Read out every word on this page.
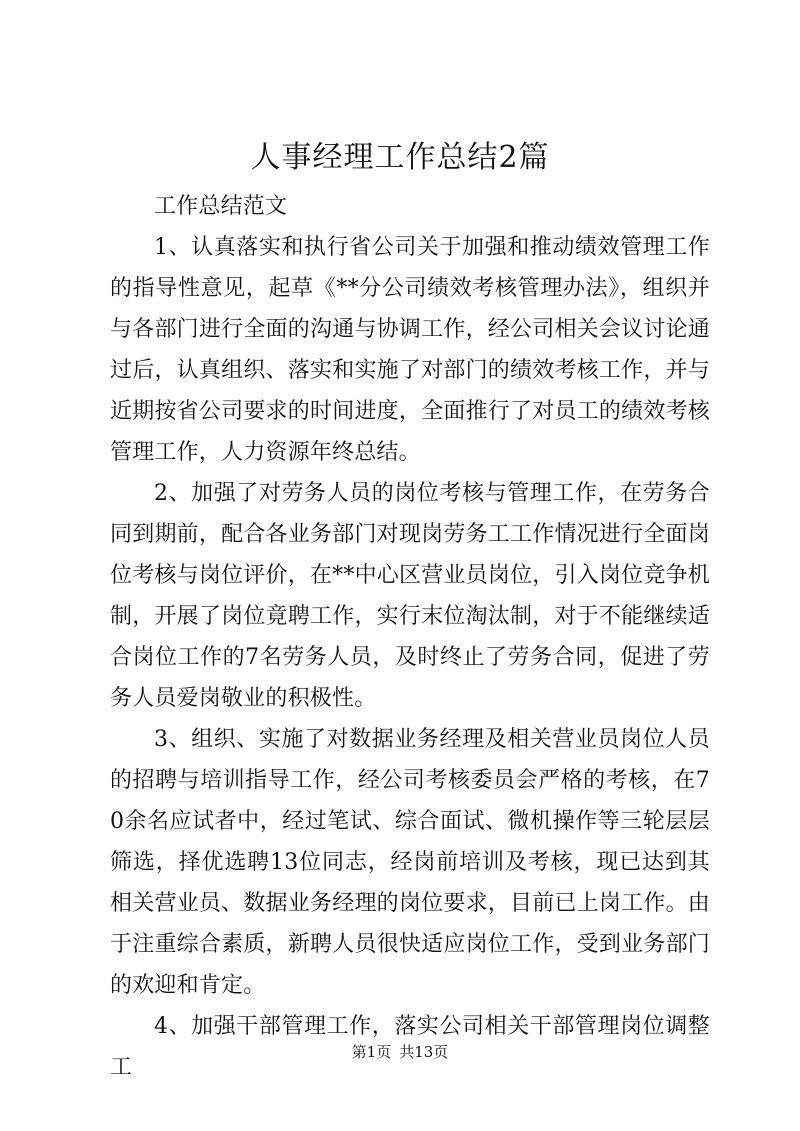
人事经理工作总结2篇

工作总结范文

1、认真落实和执行省公司关于加强和推动绩效管理工作的指导性意见，起草《**分公司绩效考核管理办法》，组织并与各部门进行全面的沟通与协调工作，经公司相关会议讨论通过后，认真组织、落实和实施了对部门的绩效考核工作，并与近期按省公司要求的时间进度，全面推行了对员工的绩效考核管理工作，人力资源年终总结。

2、加强了对劳务人员的岗位考核与管理工作，在劳务合同到期前，配合各业务部门对现岗劳务工工作情况进行全面岗位考核与岗位评价，在**中心区营业员岗位，引入岗位竞争机制，开展了岗位竟聘工作，实行末位淘汰制，对于不能继续适合岗位工作的7名劳务人员，及时终止了劳务合同，促进了劳务人员爱岗敬业的积极性。

3、组织、实施了对数据业务经理及相关营业员岗位人员的招聘与培训指导工作，经公司考核委员会严格的考核，在70余名应试者中，经过笔试、综合面试、微机操作等三轮层层筛选，择优选聘13位同志，经岗前培训及考核，现已达到其相关营业员、数据业务经理的岗位要求，目前已上岗工作。由于注重综合素质，新聘人员很快适应岗位工作，受到业务部门的欢迎和肯定。

4、加强干部管理工作，落实公司相关干部管理岗位调整工

第1页 共13页
